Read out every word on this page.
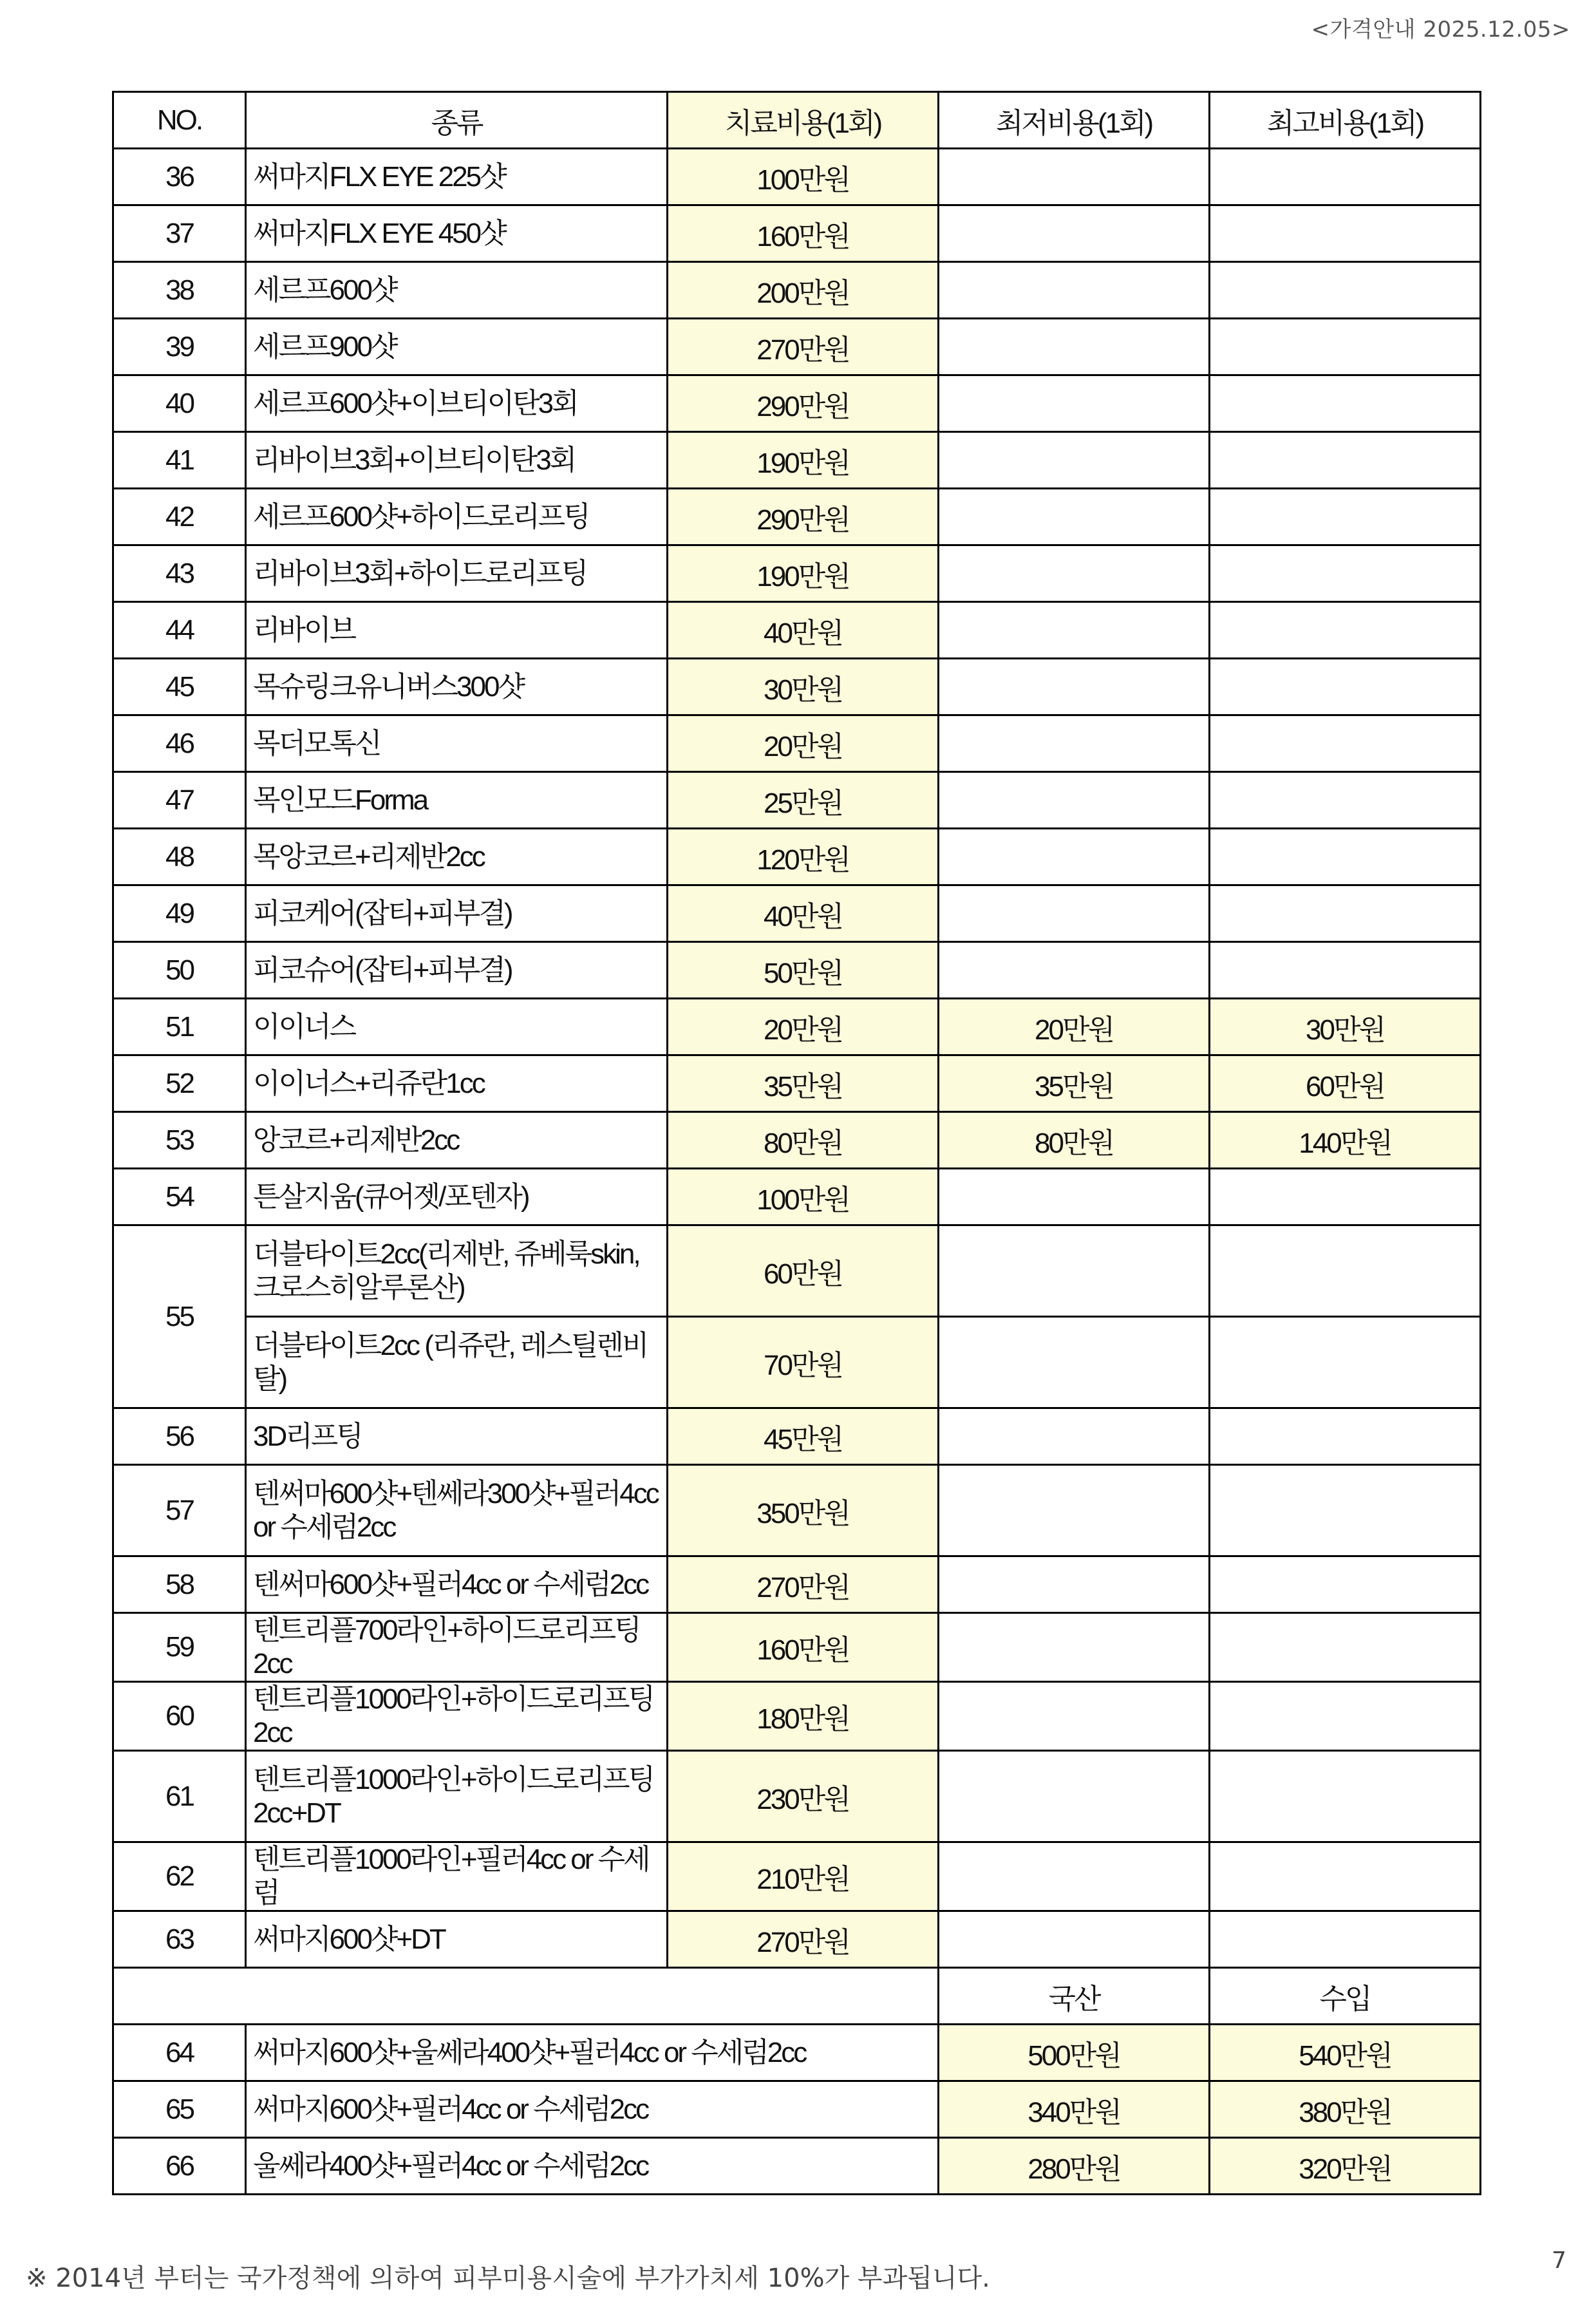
<가격안내 2025.12.05>
NO.	종류	치료비용(1회)	최저비용(1회)	최고비용(1회)
36	써마지FLX EYE 225샷	100만원		
37	써마지FLX EYE 450샷	160만원		
38	세르프600샷	200만원		
39	세르프900샷	270만원		
40	세르프600샷+이브티이탄3회	290만원		
41	리바이브3회+이브티이탄3회	190만원		
42	세르프600샷+하이드로리프팅	290만원		
43	리바이브3회+하이드로리프팅	190만원		
44	리바이브	40만원		
45	목슈링크유니버스300샷	30만원		
46	목더모톡신	20만원		
47	목인모드Forma	25만원		
48	목앙코르+리제반2cc	120만원		
49	피코케어(잡티+피부결)	40만원		
50	피코슈어(잡티+피부결)	50만원		
51	이이너스	20만원	20만원	30만원
52	이이너스+리쥬란1cc	35만원	35만원	60만원
53	앙코르+리제반2cc	80만원	80만원	140만원
54	튼살지움(큐어젯/포텐자)	100만원		
55	더블타이트2cc(리제반, 쥬베룩skin, 크로스히알루론산)	60만원		
	더블타이트2cc (리쥬란, 레스틸렌비탈)	70만원		
56	3D리프팅	45만원		
57	텐써마600샷+텐쎄라300샷+필러4cc or 수세럼2cc	350만원		
58	텐써마600샷+필러4cc or 수세럼2cc	270만원		
59	텐트리플700라인+하이드로리프팅2cc	160만원		
60	텐트리플1000라인+하이드로리프팅2cc	180만원		
61	텐트리플1000라인+하이드로리프팅 2cc+DT	230만원		
62	텐트리플1000라인+필러4cc or 수세럼	210만원		
63	써마지600샷+DT	270만원		
			국산	수입
64	써마지600샷+울쎄라400샷+필러4cc or 수세럼2cc		500만원	540만원
65	써마지600샷+필러4cc or 수세럼2cc		340만원	380만원
66	울쎄라400샷+필러4cc or 수세럼2cc		280만원	320만원
※ 2014년 부터는 국가정책에 의하여 피부미용시술에 부가가치세 10%가 부과됩니다.
7
